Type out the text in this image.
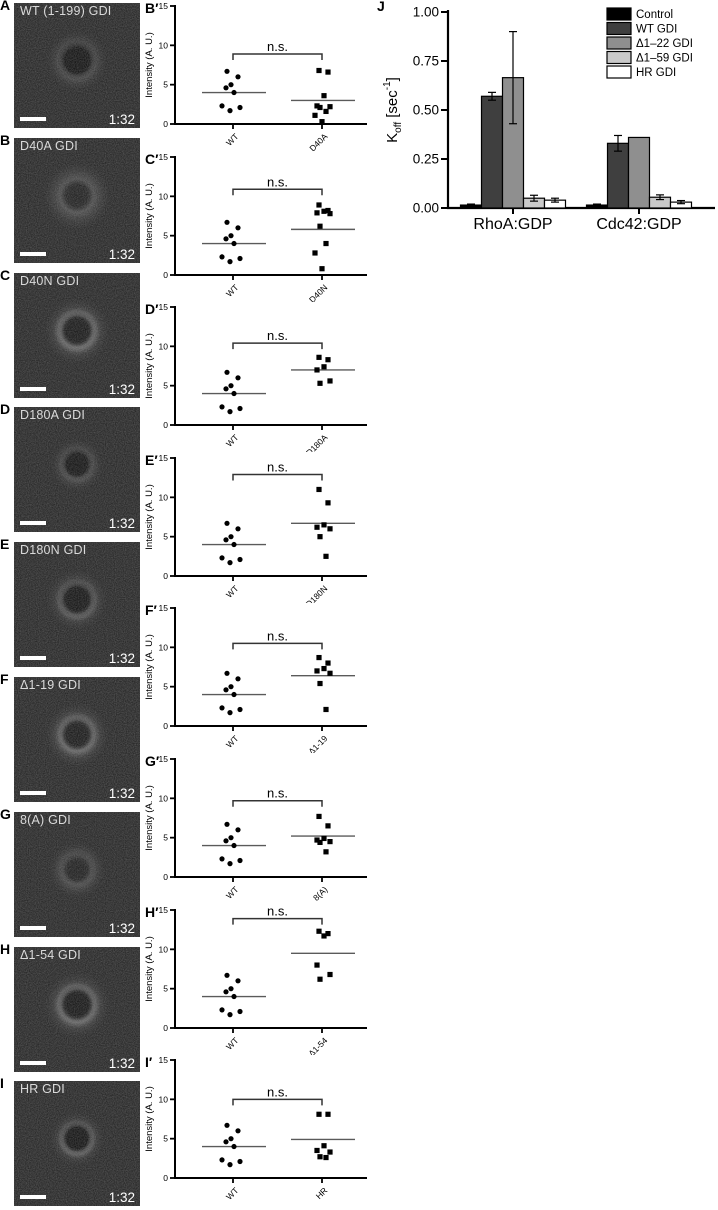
A WT (1-199) GDI
1:32
B D40A GDI
1:32
C D40N GDI
1:32
D D180A GDI
1:32
E D180N GDI
1:32
F Δ1-19 GDI
1:32
G 8(A) GDI
1:32
H Δ1-54 GDI
1:32
I HR GDI
1:32
B′
0
5
10
15
Intensity (A. U.)
WT	D40A
n.s.
C′
0
5
10
15
Intensity (A. U.)
WT	D40N
n.s.
D′
0
5
10
15
Intensity (A. U.)
WT	D180A
n.s.
E′
0
5
10
15
Intensity (A. U.)
WT	D180N
n.s.
F′
0
5
10
15
Intensity (A. U.)
WT	Δ1-19
n.s.
G′
0
5
10
15
Intensity (A. U.)
WT	8(A)
n.s.
H′
0
5
10
15
Intensity (A. U.)
WT	Δ1-54
n.s.
I′
0
5
10
15
Intensity (A. U.)
WT	HR
n.s.
J
0.00
0.25
0.50
0.75
1.00
$K_{off}$ $[\sec^{-1}]$
RhoA:GDP	Cdc42:GDP
Control
WT GDI
Δ1–22 GDI
Δ1–59 GDI
HR GDI
